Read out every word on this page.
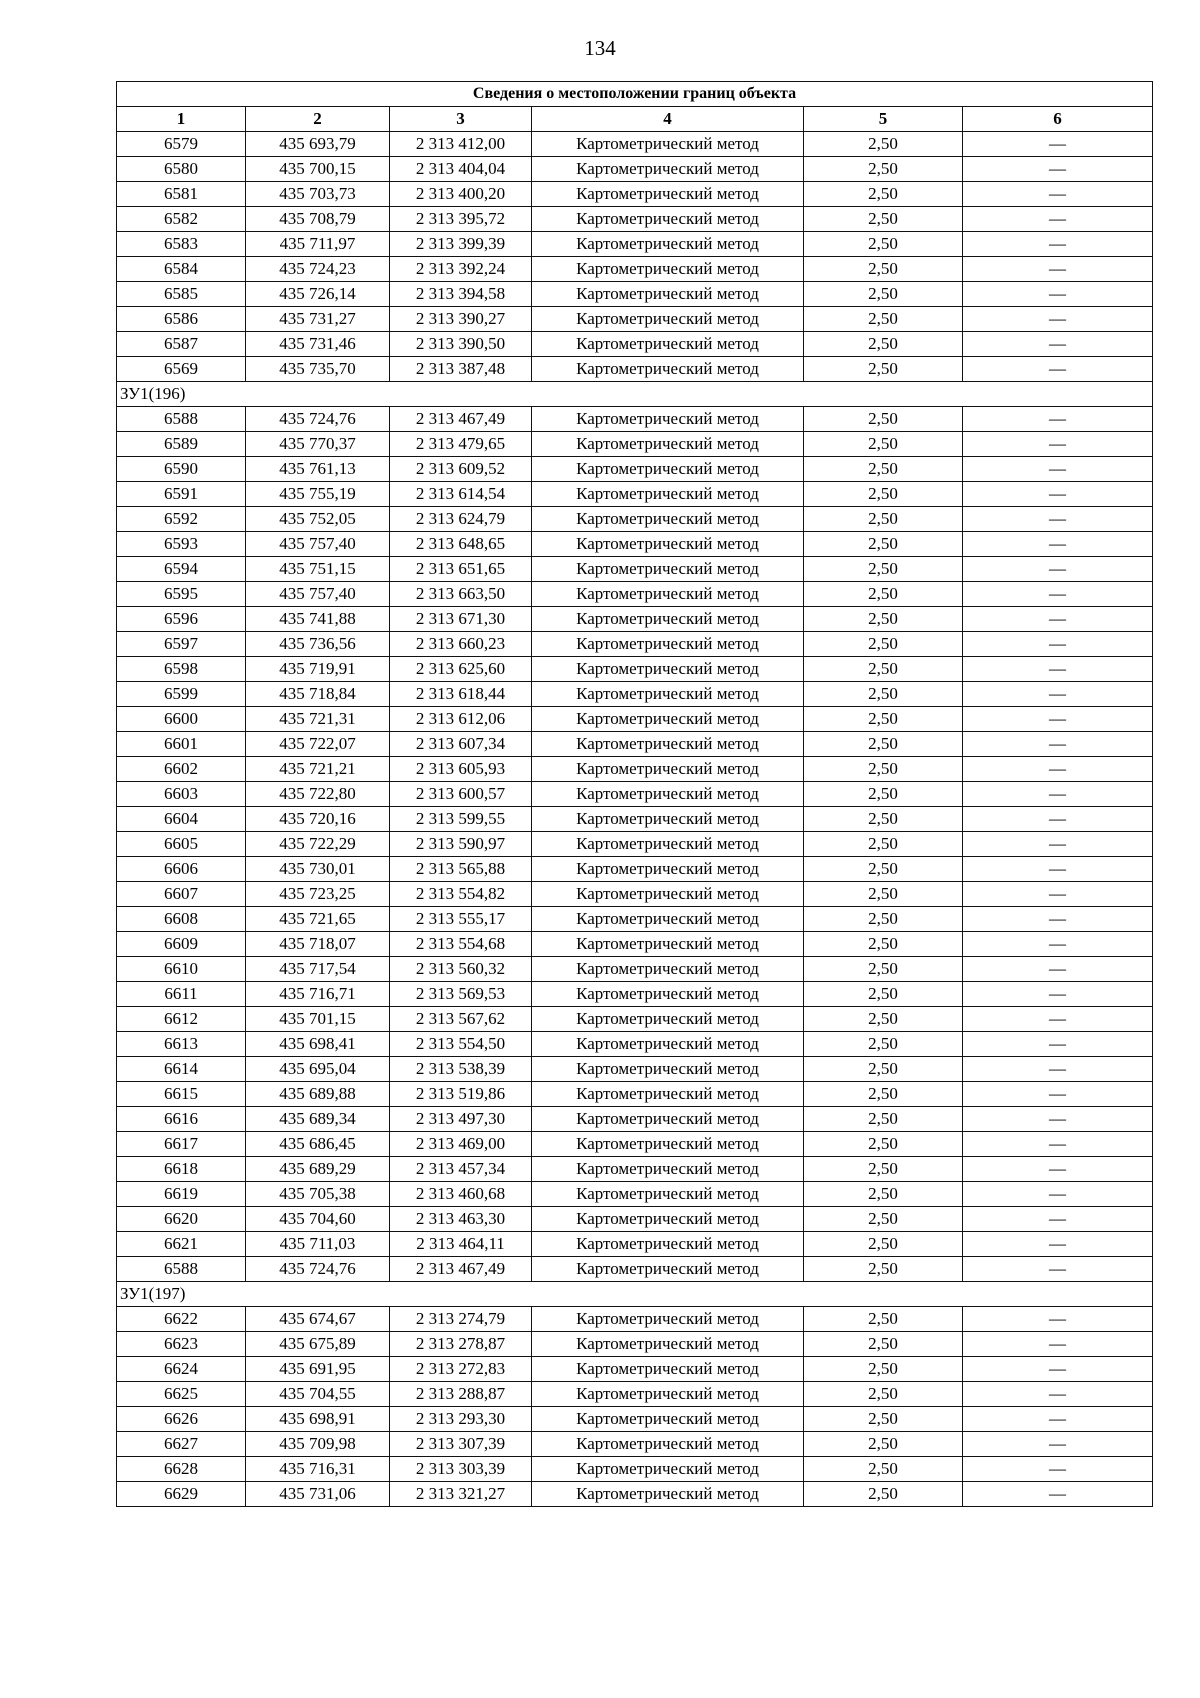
134
Сведения о местоположении границ объекта					
1	2	3	4	5	6
6579	435 693,79	2 313 412,00	Картометрический метод	2,50	—
6580	435 700,15	2 313 404,04	Картометрический метод	2,50	—
6581	435 703,73	2 313 400,20	Картометрический метод	2,50	—
6582	435 708,79	2 313 395,72	Картометрический метод	2,50	—
6583	435 711,97	2 313 399,39	Картометрический метод	2,50	—
6584	435 724,23	2 313 392,24	Картометрический метод	2,50	—
6585	435 726,14	2 313 394,58	Картометрический метод	2,50	—
6586	435 731,27	2 313 390,27	Картометрический метод	2,50	—
6587	435 731,46	2 313 390,50	Картометрический метод	2,50	—
6569	435 735,70	2 313 387,48	Картометрический метод	2,50	—
ЗУ1(196)					
6588	435 724,76	2 313 467,49	Картометрический метод	2,50	—
6589	435 770,37	2 313 479,65	Картометрический метод	2,50	—
6590	435 761,13	2 313 609,52	Картометрический метод	2,50	—
6591	435 755,19	2 313 614,54	Картометрический метод	2,50	—
6592	435 752,05	2 313 624,79	Картометрический метод	2,50	—
6593	435 757,40	2 313 648,65	Картометрический метод	2,50	—
6594	435 751,15	2 313 651,65	Картометрический метод	2,50	—
6595	435 757,40	2 313 663,50	Картометрический метод	2,50	—
6596	435 741,88	2 313 671,30	Картометрический метод	2,50	—
6597	435 736,56	2 313 660,23	Картометрический метод	2,50	—
6598	435 719,91	2 313 625,60	Картометрический метод	2,50	—
6599	435 718,84	2 313 618,44	Картометрический метод	2,50	—
6600	435 721,31	2 313 612,06	Картометрический метод	2,50	—
6601	435 722,07	2 313 607,34	Картометрический метод	2,50	—
6602	435 721,21	2 313 605,93	Картометрический метод	2,50	—
6603	435 722,80	2 313 600,57	Картометрический метод	2,50	—
6604	435 720,16	2 313 599,55	Картометрический метод	2,50	—
6605	435 722,29	2 313 590,97	Картометрический метод	2,50	—
6606	435 730,01	2 313 565,88	Картометрический метод	2,50	—
6607	435 723,25	2 313 554,82	Картометрический метод	2,50	—
6608	435 721,65	2 313 555,17	Картометрический метод	2,50	—
6609	435 718,07	2 313 554,68	Картометрический метод	2,50	—
6610	435 717,54	2 313 560,32	Картометрический метод	2,50	—
6611	435 716,71	2 313 569,53	Картометрический метод	2,50	—
6612	435 701,15	2 313 567,62	Картометрический метод	2,50	—
6613	435 698,41	2 313 554,50	Картометрический метод	2,50	—
6614	435 695,04	2 313 538,39	Картометрический метод	2,50	—
6615	435 689,88	2 313 519,86	Картометрический метод	2,50	—
6616	435 689,34	2 313 497,30	Картометрический метод	2,50	—
6617	435 686,45	2 313 469,00	Картометрический метод	2,50	—
6618	435 689,29	2 313 457,34	Картометрический метод	2,50	—
6619	435 705,38	2 313 460,68	Картометрический метод	2,50	—
6620	435 704,60	2 313 463,30	Картометрический метод	2,50	—
6621	435 711,03	2 313 464,11	Картометрический метод	2,50	—
6588	435 724,76	2 313 467,49	Картометрический метод	2,50	—
ЗУ1(197)					
6622	435 674,67	2 313 274,79	Картометрический метод	2,50	—
6623	435 675,89	2 313 278,87	Картометрический метод	2,50	—
6624	435 691,95	2 313 272,83	Картометрический метод	2,50	—
6625	435 704,55	2 313 288,87	Картометрический метод	2,50	—
6626	435 698,91	2 313 293,30	Картометрический метод	2,50	—
6627	435 709,98	2 313 307,39	Картометрический метод	2,50	—
6628	435 716,31	2 313 303,39	Картометрический метод	2,50	—
6629	435 731,06	2 313 321,27	Картометрический метод	2,50	—
